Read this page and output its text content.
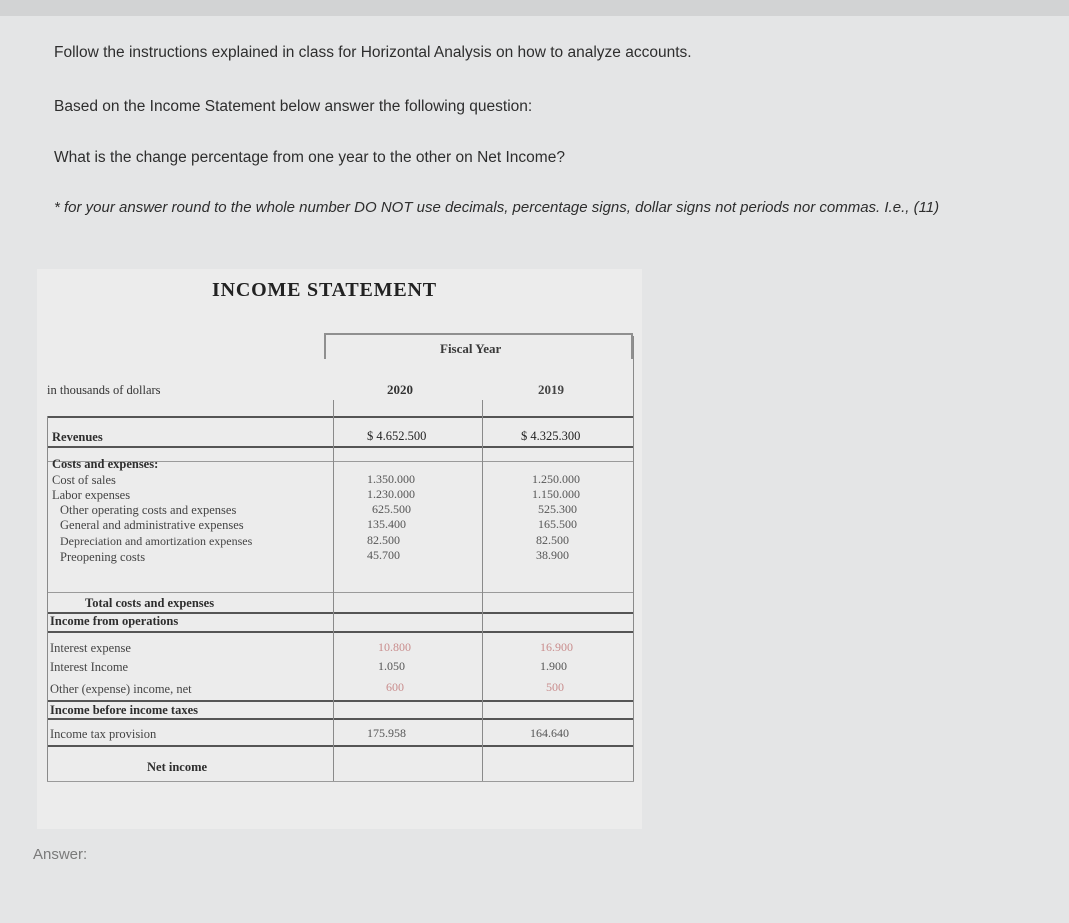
Follow the instructions explained in class for Horizontal Analysis on how to analyze accounts.
Based on the Income Statement below answer the following question:
What is the change percentage from one year to the other on Net Income?
* for your answer round to the whole number DO NOT use decimals, percentage signs, dollar signs not periods nor commas. I.e., (11)
INCOME STATEMENT
Fiscal Year
in thousands of dollars	2020	2019
Revenues
Costs and expenses:
Cost of sales
Labor expenses
Other operating costs and expenses
General and administrative expenses
Depreciation and amortization expenses
Preopening costs
Total costs and expenses
Income from operations
Interest expense
Interest Income
Other (expense) income, net
Income before income taxes
Income tax provision
Net income
$ 4.652.500
1.350.000
1.230.000
625.500
135.400
82.500
45.700
10.800
1.050
600
175.958
$ 4.325.300
1.250.000
1.150.000
525.300
165.500
82.500
38.900
16.900
1.900
500
164.640
Answer:
